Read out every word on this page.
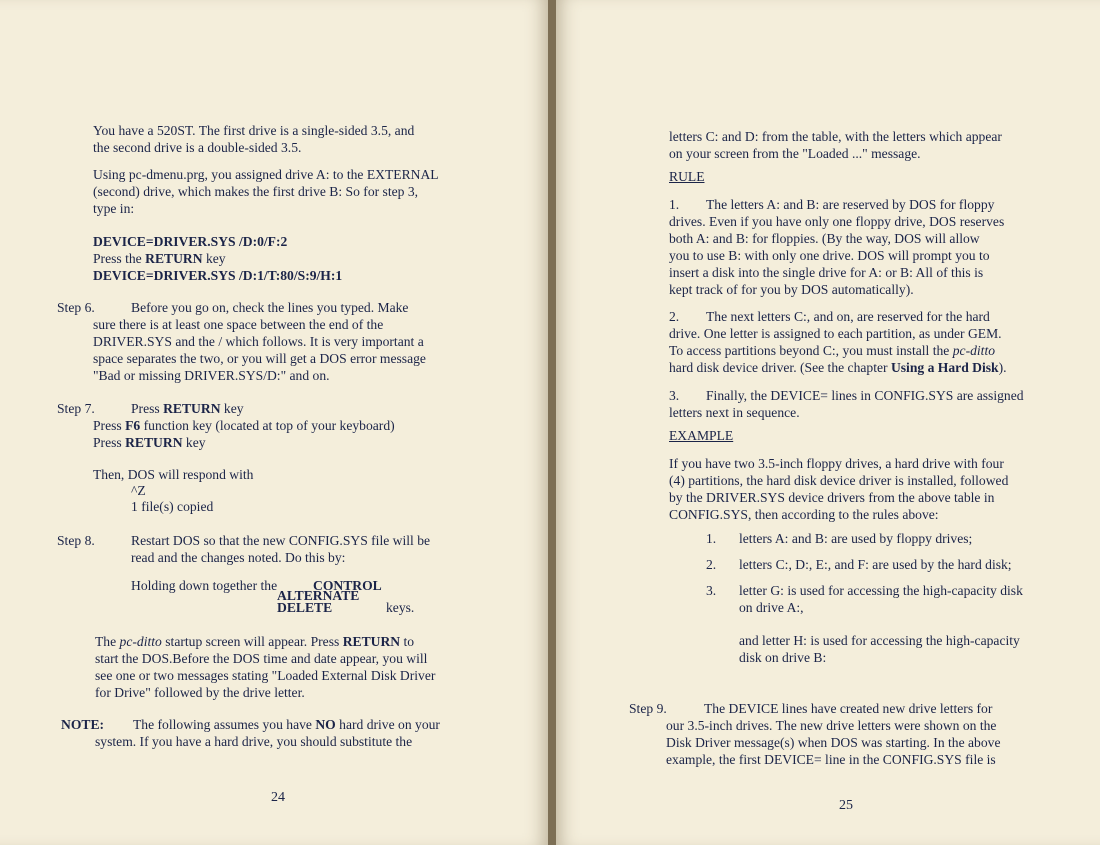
You have a 520ST. The first drive is a single-sided 3.5, and

the second drive is a double-sided 3.5.

Using pc-dmenu.prg, you assigned drive A: to the EXTERNAL

(second) drive, which makes the first drive B: So for step 3,

type in:

DEVICE=DRIVER.SYS /D:0/F:2

Press the RETURN key

DEVICE=DRIVER.SYS /D:1/T:80/S:9/H:1

Step 6.	Before you go on, check the lines you typed. Make

sure there is at least one space between the end of the

DRIVER.SYS and the / which follows. It is very important a

space separates the two, or you will get a DOS error message

"Bad or missing DRIVER.SYS/D:" and on.

Step 7.	Press RETURN key

Press F6 function key (located at top of your keyboard)

Press RETURN key

Then, DOS will respond with

^Z

1 file(s) copied

Step 8.	Restart DOS so that the new CONFIG.SYS file will be

read and the changes noted. Do this by:

Holding down together the	CONTROL

ALTERNATE

DELETE	keys.

The pc-ditto startup screen will appear. Press RETURN to

start the DOS.Before the DOS time and date appear, you will

see one or two messages stating "Loaded External Disk Driver

for Drive" followed by the drive letter.

NOTE: The following assumes you have NO hard drive on your

system. If you have a hard drive, you should substitute the

24

letters C: and D: from the table, with the letters which appear

on your screen from the "Loaded ..." message.

RULE

1. The letters A: and B: are reserved by DOS for floppy

drives. Even if you have only one floppy drive, DOS reserves

both A: and B: for floppies. (By the way, DOS will allow

you to use B: with only one drive. DOS will prompt you to

insert a disk into the single drive for A: or B: All of this is

kept track of for you by DOS automatically).

2. The next letters C:, and on, are reserved for the hard

drive. One letter is assigned to each partition, as under GEM.

To access partitions beyond C:, you must install the pc-ditto

hard disk device driver. (See the chapter Using a Hard Disk).

3. Finally, the DEVICE= lines in CONFIG.SYS are assigned

letters next in sequence.

EXAMPLE

If you have two 3.5-inch floppy drives, a hard drive with four

(4) partitions, the hard disk device driver is installed, followed

by the DRIVER.SYS device drivers from the above table in

CONFIG.SYS, then according to the rules above:

1. letters A: and B: are used by floppy drives;

2. letters C:, D:, E:, and F: are used by the hard disk;

3. letter G: is used for accessing the high-capacity disk

on drive A:,

and letter H: is used for accessing the high-capacity

disk on drive B:

Step 9.	The DEVICE lines have created new drive letters for

our 3.5-inch drives. The new drive letters were shown on the

Disk Driver message(s) when DOS was starting. In the above

example, the first DEVICE= line in the CONFIG.SYS file is

25
